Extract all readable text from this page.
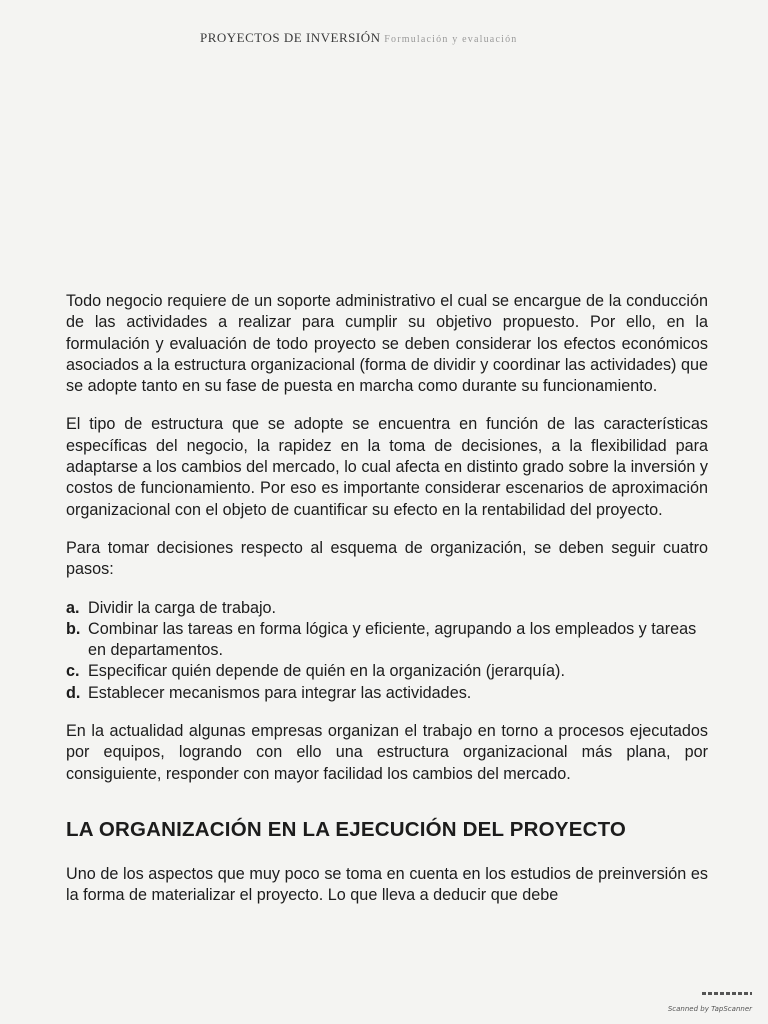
PROYECTOS DE INVERSIÓN Formulación y evaluación

Todo negocio requiere de un soporte administrativo el cual se encargue de la conducción de las actividades a realizar para cumplir su objetivo propuesto. Por ello, en la formulación y evaluación de todo proyecto se deben considerar los efectos económicos asociados a la estructura organizacional (forma de dividir y coordinar las actividades) que se adopte tanto en su fase de puesta en marcha como durante su funcionamiento.

El tipo de estructura que se adopte se encuentra en función de las características específicas del negocio, la rapidez en la toma de decisiones, a la flexibilidad para adaptarse a los cambios del mercado, lo cual afecta en distinto grado sobre la inversión y costos de funcionamiento. Por eso es importante considerar escenarios de aproximación organizacional con el objeto de cuantificar su efecto en la rentabilidad del proyecto.

Para tomar decisiones respecto al esquema de organización, se deben seguir cuatro pasos:

a. Dividir la carga de trabajo.
b. Combinar las tareas en forma lógica y eficiente, agrupando a los empleados y tareas en departamentos.
c. Especificar quién depende de quién en la organización (jerarquía).
d. Establecer mecanismos para integrar las actividades.

En la actualidad algunas empresas organizan el trabajo en torno a procesos ejecutados por equipos, logrando con ello una estructura organizacional más plana, por consiguiente, responder con mayor facilidad los cambios del mercado.

LA ORGANIZACIÓN EN LA EJECUCIÓN DEL PROYECTO

Uno de los aspectos que muy poco se toma en cuenta en los estudios de preinversión es la forma de materializar el proyecto. Lo que lleva a deducir que debe

Scanned by TapScanner
